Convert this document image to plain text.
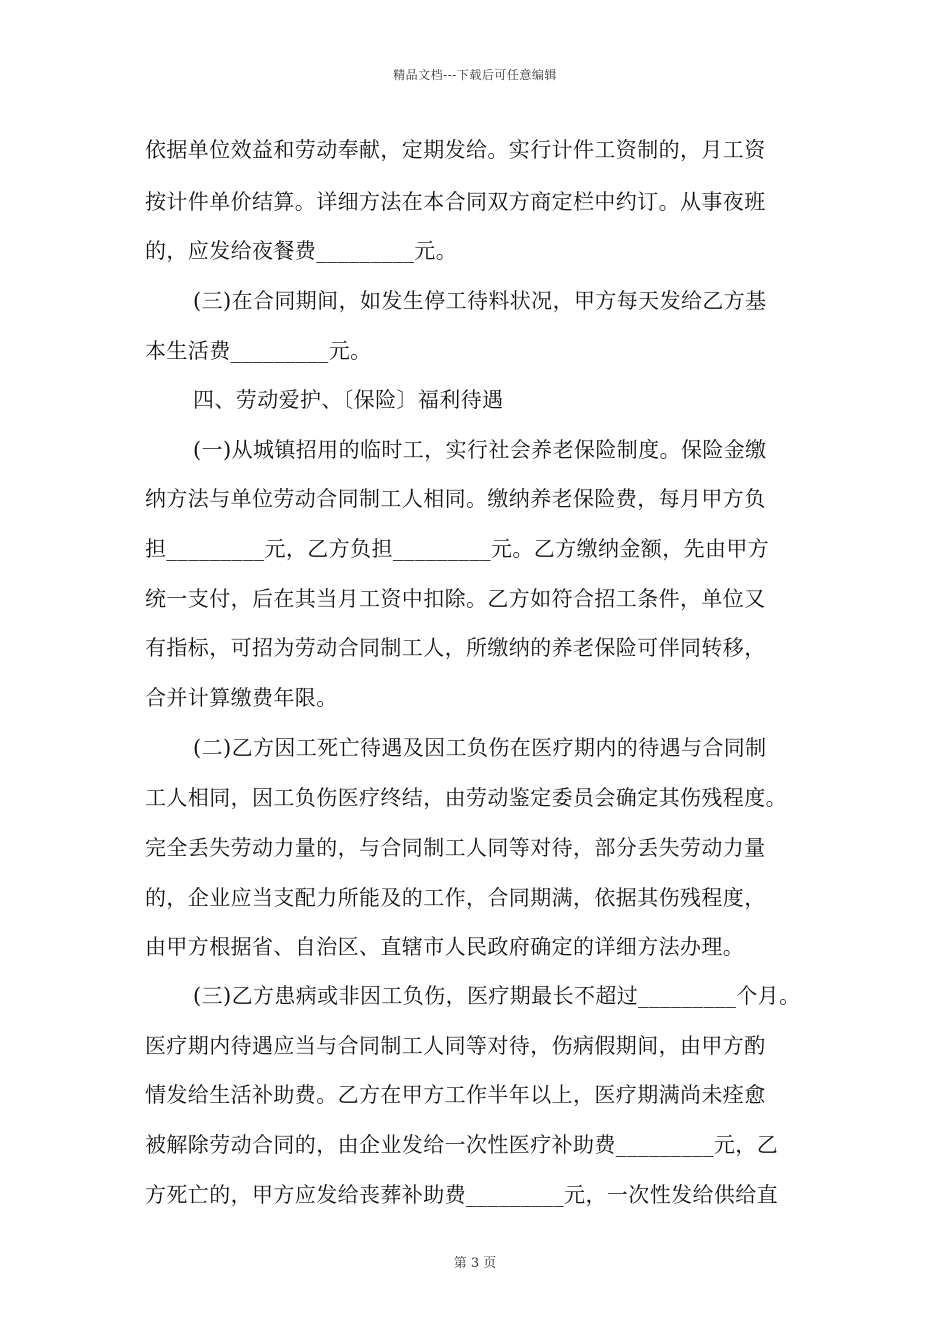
精品文档---下载后可任意编辑
依据单位效益和劳动奉献，定期发给。实行计件工资制的，月工资
按计件单价结算。详细方法在本合同双方商定栏中约订。从事夜班
的，应发给夜餐费_________元。
(三)在合同期间，如发生停工待料状况，甲方每天发给乙方基
本生活费_________元。
四、劳动爱护、〔保险〕福利待遇
(一)从城镇招用的临时工，实行社会养老保险制度。保险金缴
纳方法与单位劳动合同制工人相同。缴纳养老保险费，每月甲方负
担_________元，乙方负担_________元。乙方缴纳金额，先由甲方
统一支付，后在其当月工资中扣除。乙方如符合招工条件，单位又
有指标，可招为劳动合同制工人，所缴纳的养老保险可伴同转移，
合并计算缴费年限。
(二)乙方因工死亡待遇及因工负伤在医疗期内的待遇与合同制
工人相同，因工负伤医疗终结，由劳动鉴定委员会确定其伤残程度。
完全丢失劳动力量的，与合同制工人同等对待，部分丢失劳动力量
的，企业应当支配力所能及的工作，合同期满，依据其伤残程度，
由甲方根据省、自治区、直辖市人民政府确定的详细方法办理。
(三)乙方患病或非因工负伤，医疗期最长不超过_________个月。
医疗期内待遇应当与合同制工人同等对待，伤病假期间，由甲方酌
情发给生活补助费。乙方在甲方工作半年以上，医疗期满尚未痊愈
被解除劳动合同的，由企业发给一次性医疗补助费_________元，乙
方死亡的，甲方应发给丧葬补助费_________元，一次性发给供给直
第 3 页
